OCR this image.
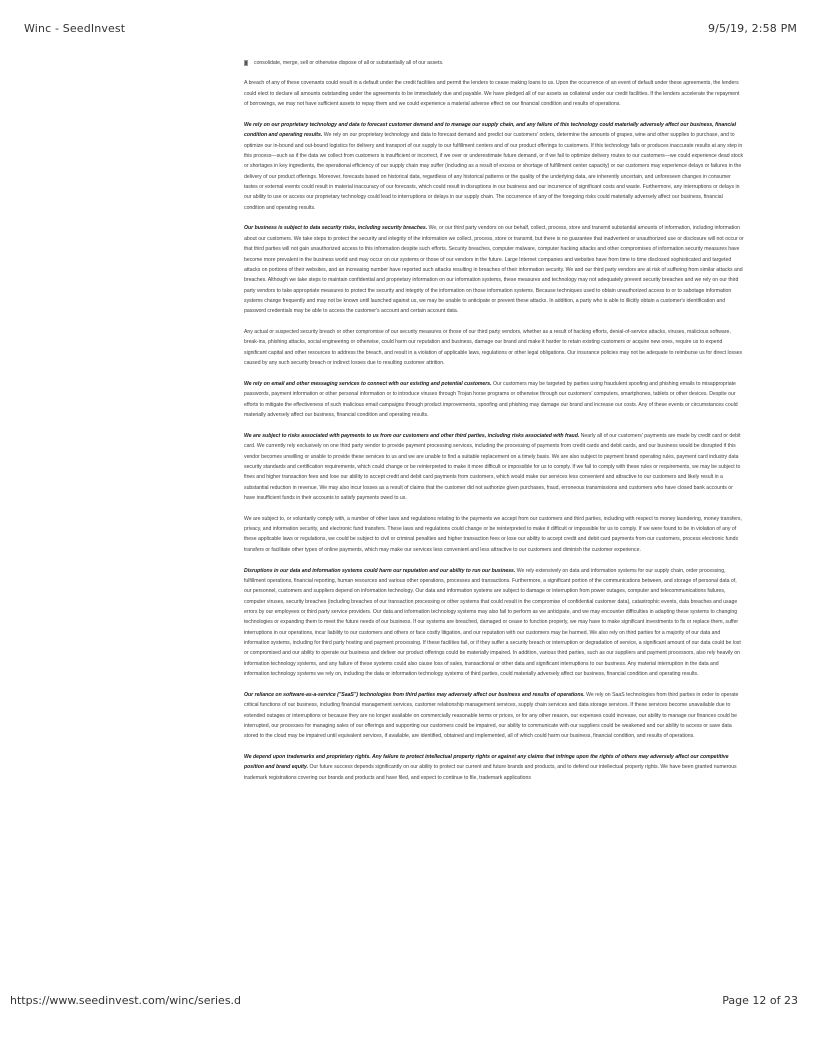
Winc - SeedInvest	9/5/19, 2:58 PM
consolidate, merge, sell or otherwise dispose of all or substantially all of our assets.

A breach of any of these covenants could result in a default under the credit facilities and permit the lenders to cease making loans to us. Upon the occurrence of an event of default under these agreements, the lenders could elect to declare all amounts outstanding under the agreements to be immediately due and payable. We have pledged all of our assets as collateral under our credit facilities. If the lenders accelerate the repayment of borrowings, we may not have sufficient assets to repay them and we could experience a material adverse effect on our financial condition and results of operations.

We rely on our proprietary technology and data to forecast customer demand and to manage our supply chain, and any failure of this technology could materially adversely affect our business, financial condition and operating results. We rely on our proprietary technology and data to forecast demand and predict our customers' orders, determine the amounts of grapes, wine and other supplies to purchase, and to optimize our in-bound and out-bound logistics for delivery and transport of our supply to our fulfillment centers and of our product offerings to customers. If this technology fails or produces inaccurate results at any step in this process—such as if the data we collect from customers is insufficient or incorrect, if we over or underestimate future demand, or if we fail to optimize delivery routes to our customers—we could experience dead stock or shortages in key ingredients, the operational efficiency of our supply chain may suffer (including as a result of excess or shortage of fulfillment center capacity) or our customers may experience delays or failures in the delivery of our product offerings. Moreover, forecasts based on historical data, regardless of any historical patterns or the quality of the underlying data, are inherently uncertain, and unforeseen changes in consumer tastes or external events could result in material inaccuracy of our forecasts, which could result in disruptions in our business and our incurrence of significant costs and waste. Furthermore, any interruptions or delays in our ability to use or access our proprietary technology could lead to interruptions or delays in our supply chain. The occurrence of any of the foregoing risks could materially adversely affect our business, financial condition and operating results.

Our business is subject to data security risks, including security breaches. We, or our third party vendors on our behalf, collect, process, store and transmit substantial amounts of information, including information about our customers. We take steps to protect the security and integrity of the information we collect, process, store or transmit, but there is no guarantee that inadvertent or unauthorized use or disclosure will not occur or that third parties will not gain unauthorized access to this information despite such efforts. Security breaches, computer malware, computer hacking attacks and other compromises of information security measures have become more prevalent in the business world and may occur on our systems or those of our vendors in the future. Large Internet companies and websites have from time to time disclosed sophisticated and targeted attacks on portions of their websites, and an increasing number have reported such attacks resulting in breaches of their information security. We and our third party vendors are at risk of suffering from similar attacks and breaches. Although we take steps to maintain confidential and proprietary information on our information systems, these measures and technology may not adequately prevent security breaches and we rely on our third party vendors to take appropriate measures to protect the security and integrity of the information on those information systems. Because techniques used to obtain unauthorized access to or to sabotage information systems change frequently and may not be known until launched against us, we may be unable to anticipate or prevent these attacks. In addition, a party who is able to illicitly obtain a customer's identification and password credentials may be able to access the customer's account and certain account data.

Any actual or suspected security breach or other compromise of our security measures or those of our third party vendors, whether as a result of hacking efforts, denial-of-service attacks, viruses, malicious software, break-ins, phishing attacks, social engineering or otherwise, could harm our reputation and business, damage our brand and make it harder to retain existing customers or acquire new ones, require us to expend significant capital and other resources to address the breach, and result in a violation of applicable laws, regulations or other legal obligations. Our insurance policies may not be adequate to reimburse us for direct losses caused by any such security breach or indirect losses due to resulting customer attrition.

We rely on email and other messaging services to connect with our existing and potential customers. Our customers may be targeted by parties using fraudulent spoofing and phishing emails to misappropriate passwords, payment information or other personal information or to introduce viruses through Trojan horse programs or otherwise through our customers' computers, smartphones, tablets or other devices. Despite our efforts to mitigate the effectiveness of such malicious email campaigns through product improvements, spoofing and phishing may damage our brand and increase our costs. Any of these events or circumstances could materially adversely affect our business, financial condition and operating results.

We are subject to risks associated with payments to us from our customers and other third parties, including risks associated with fraud. Nearly all of our customers' payments are made by credit card or debit card. We currently rely exclusively on one third party vendor to provide payment processing services, including the processing of payments from credit cards and debit cards, and our business would be disrupted if this vendor becomes unwilling or unable to provide these services to us and we are unable to find a suitable replacement on a timely basis. We are also subject to payment brand operating rules, payment card industry data security standards and certification requirements, which could change or be reinterpreted to make it more difficult or impossible for us to comply. If we fail to comply with these rules or requirements, we may be subject to fines and higher transaction fees and lose our ability to accept credit and debit card payments from customers, which would make our services less convenient and attractive to our customers and likely result in a substantial reduction in revenue. We may also incur losses as a result of claims that the customer did not authorize given purchases, fraud, erroneous transmissions and customers who have closed bank accounts or have insufficient funds in their accounts to satisfy payments owed to us.

We are subject to, or voluntarily comply with, a number of other laws and regulations relating to the payments we accept from our customers and third parties, including with respect to money laundering, money transfers, privacy, and information security, and electronic fund transfers. These laws and regulations could change or be reinterpreted to make it difficult or impossible for us to comply. If we were found to be in violation of any of these applicable laws or regulations, we could be subject to civil or criminal penalties and higher transaction fees or lose our ability to accept credit and debit card payments from our customers, process electronic funds transfers or facilitate other types of online payments, which may make our services less convenient and less attractive to our customers and diminish the customer experience.

Disruptions in our data and information systems could harm our reputation and our ability to run our business. We rely extensively on data and information systems for our supply chain, order processing, fulfillment operations, financial reporting, human resources and various other operations, processes and transactions. Furthermore, a significant portion of the communications between, and storage of personal data of, our personnel, customers and suppliers depend on information technology. Our data and information systems are subject to damage or interruption from power outages, computer and telecommunications failures, computer viruses, security breaches (including breaches of our transaction processing or other systems that could result in the compromise of confidential customer data), catastrophic events, data breaches and usage errors by our employees or third party service providers. Our data and information technology systems may also fail to perform as we anticipate, and we may encounter difficulties in adapting these systems to changing technologies or expanding them to meet the future needs of our business. If our systems are breached, damaged or cease to function properly, we may have to make significant investments to fix or replace them, suffer interruptions in our operations, incur liability to our customers and others or face costly litigation, and our reputation with our customers may be harmed. We also rely on third parties for a majority of our data and information systems, including for third party hosting and payment processing. If these facilities fail, or if they suffer a security breach or interruption or degradation of service, a significant amount of our data could be lost or compromised and our ability to operate our business and deliver our product offerings could be materially impaired. In addition, various third parties, such as our suppliers and payment processors, also rely heavily on information technology systems, and any failure of these systems could also cause loss of sales, transactional or other data and significant interruptions to our business. Any material interruption in the data and information technology systems we rely on, including the data or information technology systems of third parties, could materially adversely affect our business, financial condition and operating results.

Our reliance on software-as-a-service ("SaaS") technologies from third parties may adversely affect our business and results of operations. We rely on SaaS technologies from third parties in order to operate critical functions of our business, including financial management services, customer relationship management services, supply chain services and data storage services. If these services become unavailable due to extended outages or interruptions or because they are no longer available on commercially reasonable terms or prices, or for any other reason, our expenses could increase, our ability to manage our finances could be interrupted, our processes for managing sales of our offerings and supporting our customers could be impaired, our ability to communicate with our suppliers could be weakened and our ability to access or save data stored to the cloud may be impaired until equivalent services, if available, are identified, obtained and implemented, all of which could harm our business, financial condition, and results of operations.

We depend upon trademarks and proprietary rights. Any failure to protect intellectual property rights or against any claims that infringe upon the rights of others may adversely affect our competitive position and brand equity. Our future success depends significantly on our ability to protect our current and future brands and products, and to defend our intellectual property rights. We have been granted numerous trademark registrations covering our brands and products and have filed, and expect to continue to file, trademark applications

https://www.seedinvest.com/winc/series.d	Page 12 of 23
